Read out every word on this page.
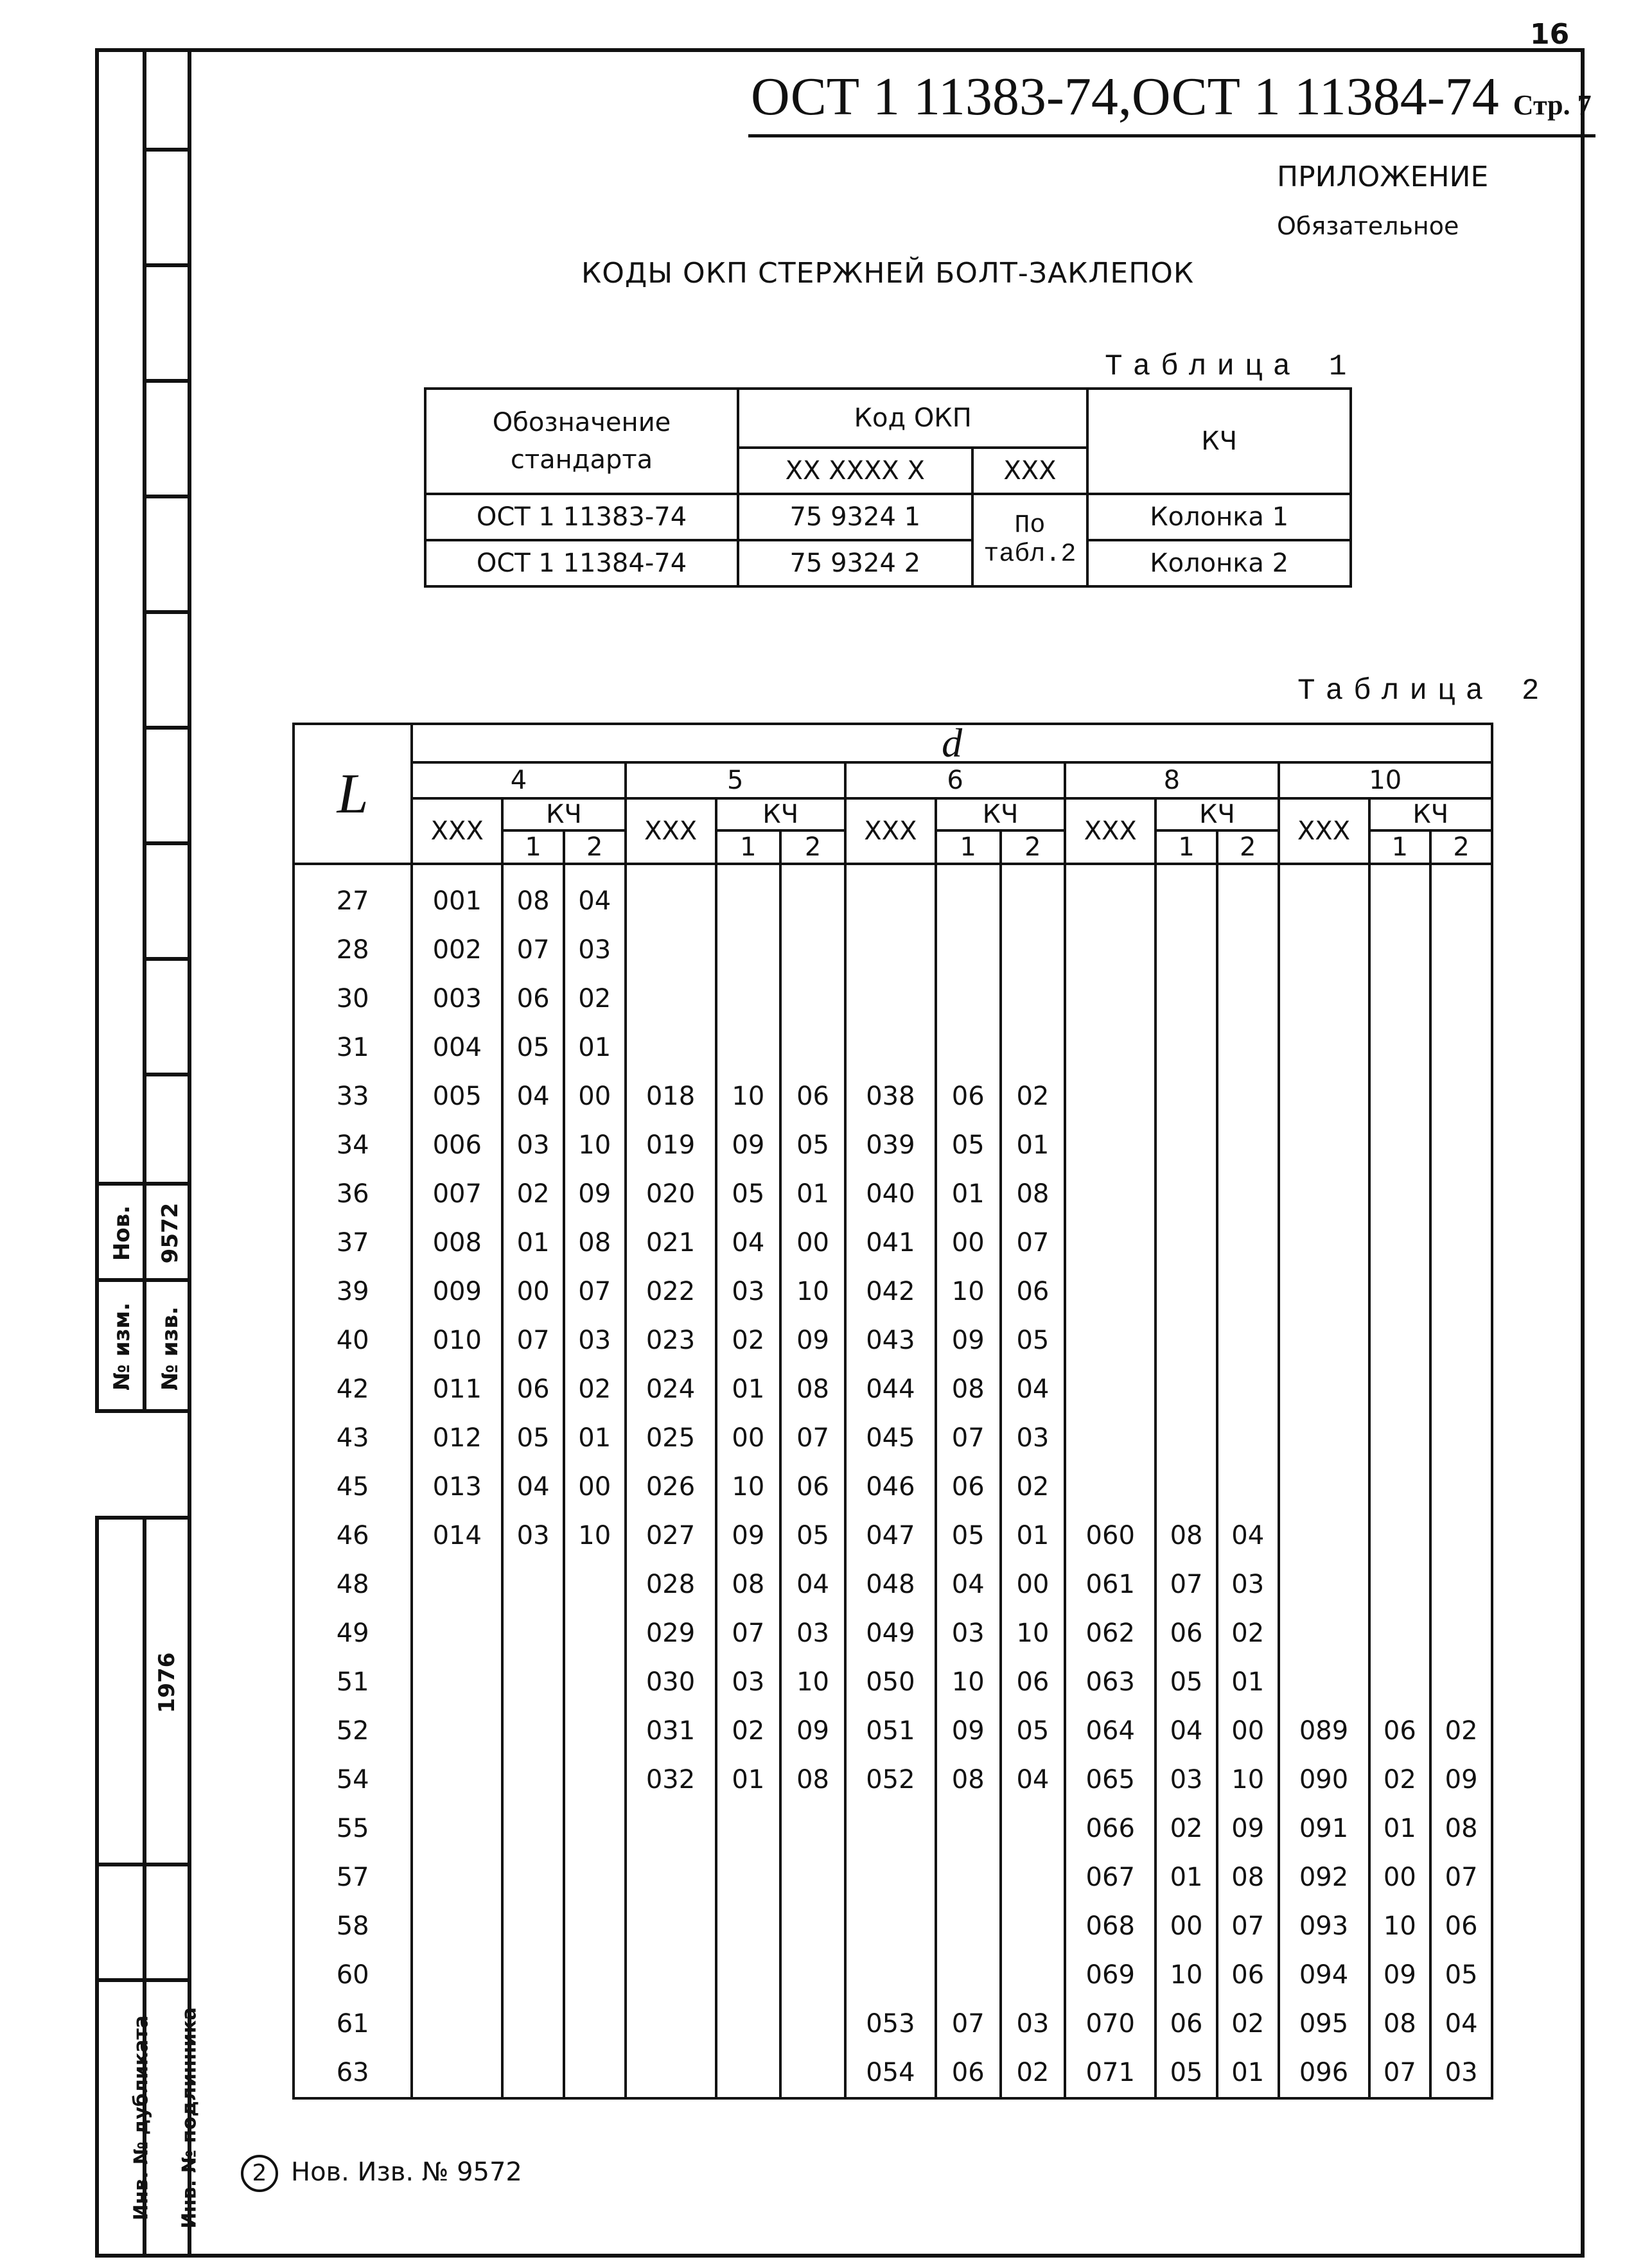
16
ОСТ 1 11383-74,ОСТ 1 11384-74 Стр. 7
ПРИЛОЖЕНИЕ
Обязательное
КОДЫ ОКП СТЕРЖНЕЙ БОЛТ-ЗАКЛЕПОК
Таблица 1
Обозначение стандарта	Код ОКП		КЧ
	XX XXXX X	XXX	
ОСТ 1 11383-74	75 9324 1	По табл.2	Колонка 1
ОСТ 1 11384-74	75 9324 2		Колонка 2
Таблица 2
L	d														
	4			5			6			8			10		
	XXX	КЧ		XXX	КЧ		XXX	КЧ		XXX	КЧ		XXX	КЧ	
		1	2		1	2		1	2		1	2		1	2
27	001	08	04												
28	002	07	03												
30	003	06	02												
31	004	05	01												
33	005	04	00	018	10	06	038	06	02						
34	006	03	10	019	09	05	039	05	01						
36	007	02	09	020	05	01	040	01	08						
37	008	01	08	021	04	00	041	00	07						
39	009	00	07	022	03	10	042	10	06						
40	010	07	03	023	02	09	043	09	05						
42	011	06	02	024	01	08	044	08	04						
43	012	05	01	025	00	07	045	07	03						
45	013	04	00	026	10	06	046	06	02						
46	014	03	10	027	09	05	047	05	01	060	08	04			
48				028	08	04	048	04	00	061	07	03			
49				029	07	03	049	03	10	062	06	02			
51				030	03	10	050	10	06	063	05	01			
52				031	02	09	051	09	05	064	04	00	089	06	02
54				032	01	08	052	08	04	065	03	10	090	02	09
55										066	02	09	091	01	08
57										067	01	08	092	00	07
58										068	00	07	093	10	06
60										069	10	06	094	09	05
61							053	07	03	070	06	02	095	08	04
63							054	06	02	071	05	01	096	07	03
Нов. 9572
№ изм. № изв.
1976
Инв. № дубликата Инв. № подлинника	2 Нов. Изв. № 9572
